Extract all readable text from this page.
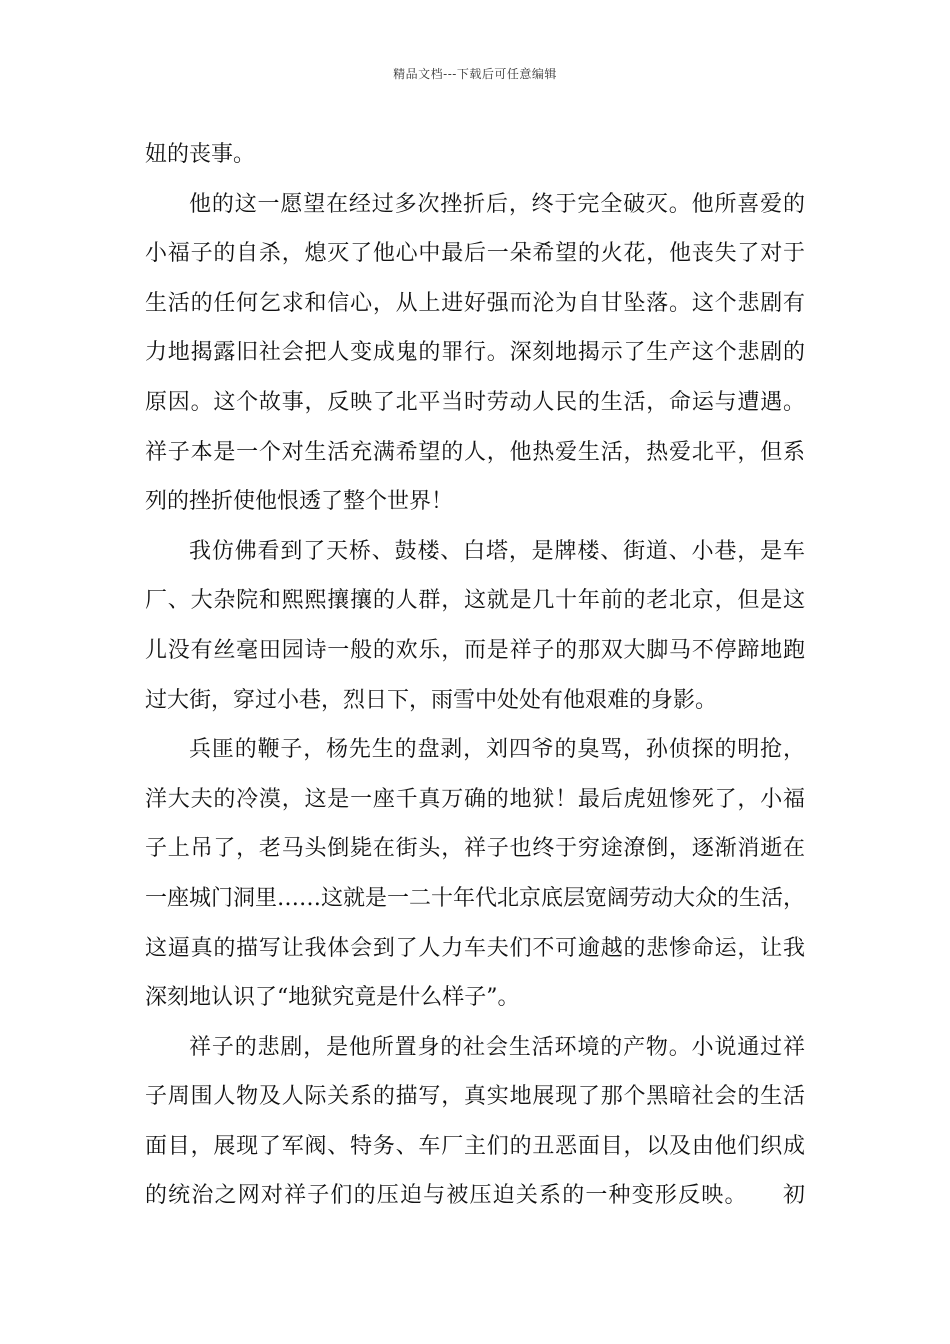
精品文档---下载后可任意编辑

妞的丧事。

他的这一愿望在经过多次挫折后，终于完全破灭。他所喜爱的
小福子的自杀，熄灭了他心中最后一朵希望的火花，他丧失了对于
生活的任何乞求和信心，从上进好强而沦为自甘坠落。这个悲剧有
力地揭露旧社会把人变成鬼的罪行。深刻地揭示了生产这个悲剧的
原因。这个故事，反映了北平当时劳动人民的生活，命运与遭遇。
祥子本是一个对生活充满希望的人，他热爱生活，热爱北平，但系
列的挫折使他恨透了整个世界！

我仿佛看到了天桥、鼓楼、白塔，是牌楼、街道、小巷，是车
厂、大杂院和熙熙攘攘的人群，这就是几十年前的老北京，但是这
儿没有丝毫田园诗一般的欢乐，而是祥子的那双大脚马不停蹄地跑
过大街，穿过小巷，烈日下，雨雪中处处有他艰难的身影。

兵匪的鞭子，杨先生的盘剥，刘四爷的臭骂，孙侦探的明抢，
洋大夫的冷漠，这是一座千真万确的地狱！最后虎妞惨死了，小福
子上吊了，老马头倒毙在街头，祥子也终于穷途潦倒，逐渐消逝在
一座城门洞里……这就是一二十年代北京底层宽阔劳动大众的生活，
这逼真的描写让我体会到了人力车夫们不可逾越的悲惨命运，让我
深刻地认识了“地狱究竟是什么样子”。

祥子的悲剧，是他所置身的社会生活环境的产物。小说通过祥
子周围人物及人际关系的描写，真实地展现了那个黑暗社会的生活
面目，展现了军阀、特务、车厂主们的丑恶面目，以及由他们织成
的统治之网对祥子们的压迫与被压迫关系的一种变形反映。　　初
